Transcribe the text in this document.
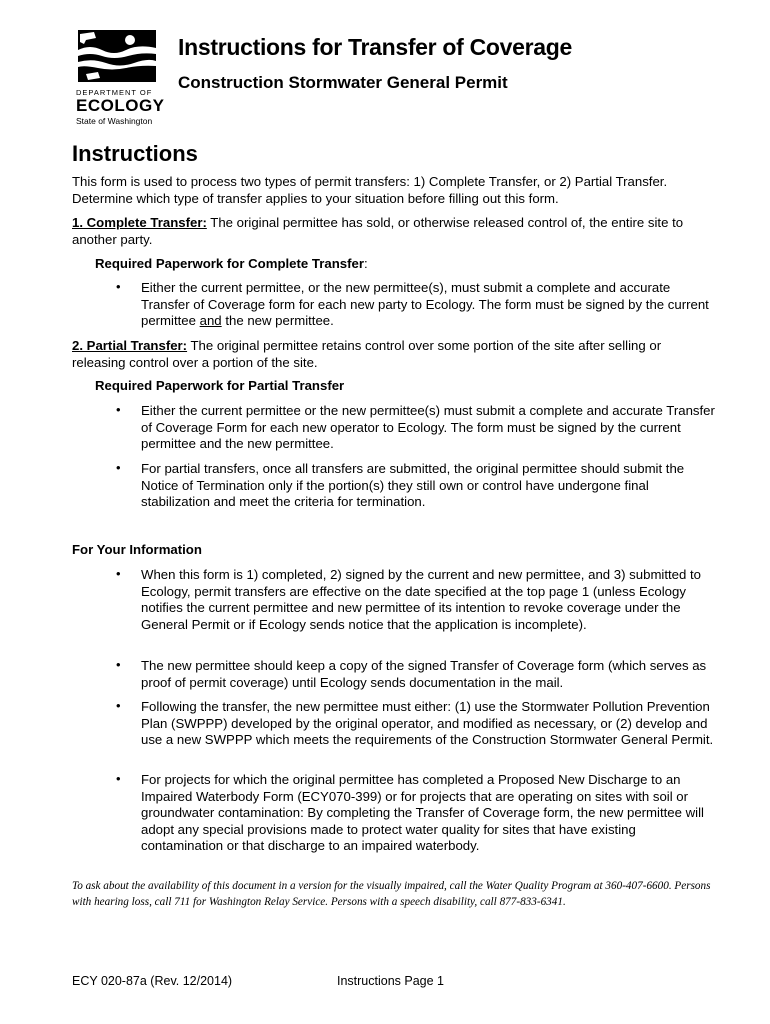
DEPARTMENT OF
ECOLOGY
State of Washington
Instructions for Transfer of Coverage
Construction Stormwater General Permit
Instructions
This form is used to process two types of permit transfers: 1) Complete Transfer, or 2) Partial Transfer. Determine which type of transfer applies to your situation before filling out this form.
1. Complete Transfer: The original permittee has sold, or otherwise released control of, the entire site to another party.
Required Paperwork for Complete Transfer:
• Either the current permittee, or the new permittee(s), must submit a complete and accurate Transfer of Coverage form for each new party to Ecology. The form must be signed by the current permittee and the new permittee.
2. Partial Transfer: The original permittee retains control over some portion of the site after selling or releasing control over a portion of the site.
Required Paperwork for Partial Transfer
• Either the current permittee or the new permittee(s) must submit a complete and accurate Transfer of Coverage Form for each new operator to Ecology. The form must be signed by the current permittee and the new permittee.
• For partial transfers, once all transfers are submitted, the original permittee should submit the Notice of Termination only if the portion(s) they still own or control have undergone final stabilization and meet the criteria for termination.
For Your Information
• When this form is 1) completed, 2) signed by the current and new permittee, and 3) submitted to Ecology, permit transfers are effective on the date specified at the top page 1 (unless Ecology notifies the current permittee and new permittee of its intention to revoke coverage under the General Permit or if Ecology sends notice that the application is incomplete).
• The new permittee should keep a copy of the signed Transfer of Coverage form (which serves as proof of permit coverage) until Ecology sends documentation in the mail.
• Following the transfer, the new permittee must either: (1) use the Stormwater Pollution Prevention Plan (SWPPP) developed by the original operator, and modified as necessary, or (2) develop and use a new SWPPP which meets the requirements of the Construction Stormwater General Permit.
• For projects for which the original permittee has completed a Proposed New Discharge to an Impaired Waterbody Form (ECY070-399) or for projects that are operating on sites with soil or groundwater contamination: By completing the Transfer of Coverage form, the new permittee will adopt any special provisions made to protect water quality for sites that have existing contamination or that discharge to an impaired waterbody.
To ask about the availability of this document in a version for the visually impaired, call the Water Quality Program at 360-407-6600. Persons with hearing loss, call 711 for Washington Relay Service. Persons with a speech disability, call 877-833-6341.
ECY 020-87a (Rev. 12/2014)	Instructions Page 1
